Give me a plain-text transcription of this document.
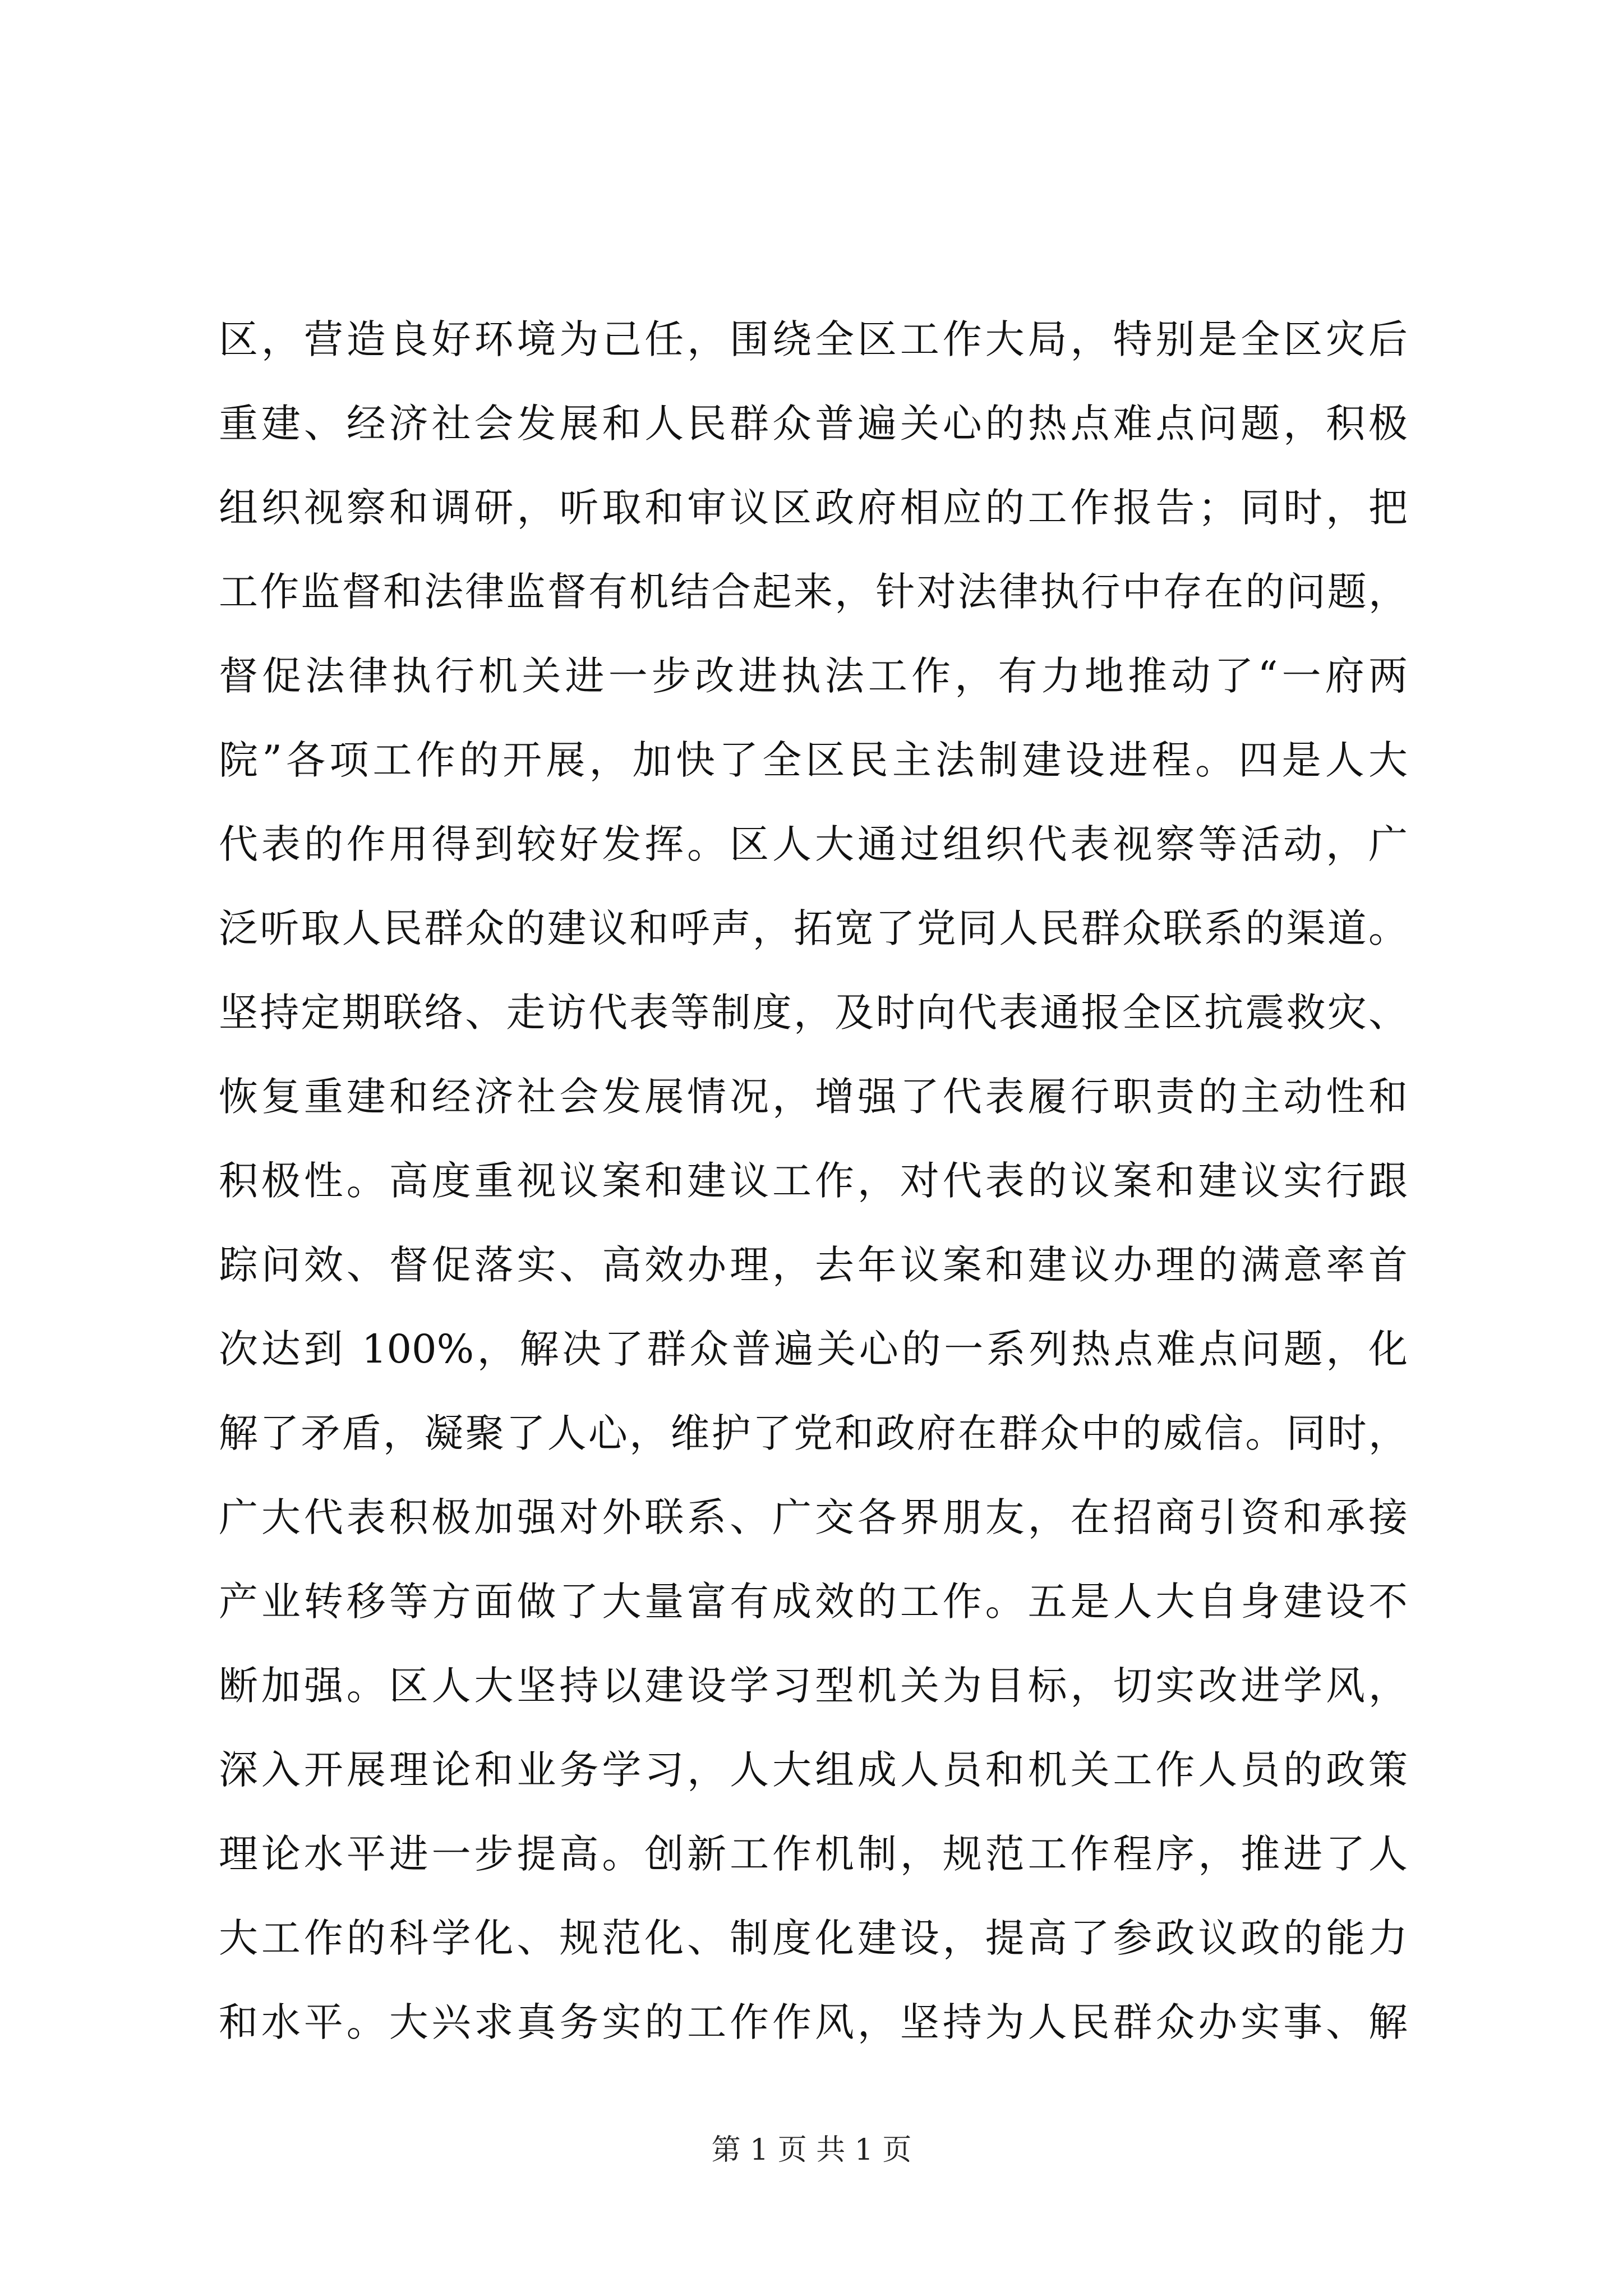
区，营造良好环境为己任，围绕全区工作大局，特别是全区灾后
重建、经济社会发展和人民群众普遍关心的热点难点问题，积极
组织视察和调研，听取和审议区政府相应的工作报告；同时，把
工作监督和法律监督有机结合起来，针对法律执行中存在的问题，
督促法律执行机关进一步改进执法工作，有力地推动了“一府两
院”各项工作的开展，加快了全区民主法制建设进程。四是人大
代表的作用得到较好发挥。区人大通过组织代表视察等活动，广
泛听取人民群众的建议和呼声，拓宽了党同人民群众联系的渠道。
坚持定期联络、走访代表等制度，及时向代表通报全区抗震救灾、
恢复重建和经济社会发展情况，增强了代表履行职责的主动性和
积极性。高度重视议案和建议工作，对代表的议案和建议实行跟
踪问效、督促落实、高效办理，去年议案和建议办理的满意率首
次达到 100%，解决了群众普遍关心的一系列热点难点问题，化
解了矛盾，凝聚了人心，维护了党和政府在群众中的威信。同时，
广大代表积极加强对外联系、广交各界朋友，在招商引资和承接
产业转移等方面做了大量富有成效的工作。五是人大自身建设不
断加强。区人大坚持以建设学习型机关为目标，切实改进学风，
深入开展理论和业务学习，人大组成人员和机关工作人员的政策
理论水平进一步提高。创新工作机制，规范工作程序，推进了人
大工作的科学化、规范化、制度化建设，提高了参政议政的能力
和水平。大兴求真务实的工作作风，坚持为人民群众办实事、解
第 1 页 共 1 页
